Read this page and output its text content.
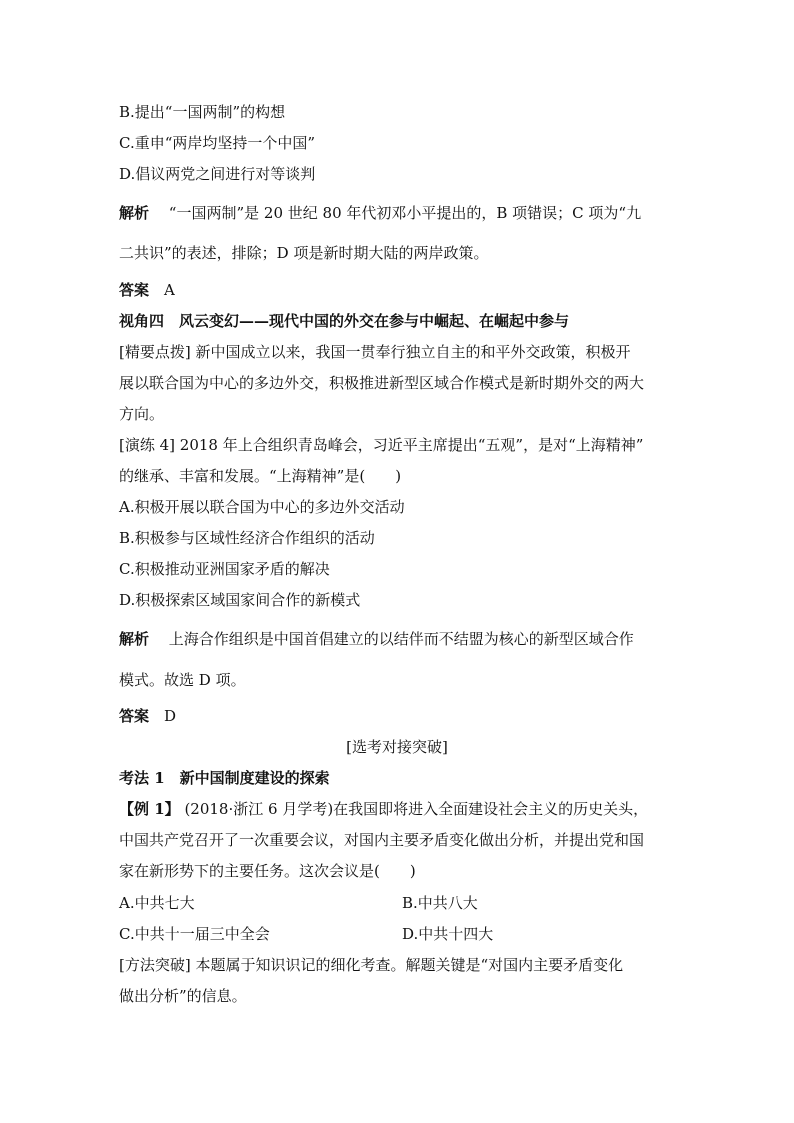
B.提出“一国两制”的构想
C.重申“两岸均坚持一个中国”
D.倡议两党之间进行对等谈判
解析　 “一国两制”是 20 世纪 80 年代初邓小平提出的，B 项错误；C 项为“九
二共识”的表述，排除；D 项是新时期大陆的两岸政策。
答案　 A
视角四　风云变幻——现代中国的外交在参与中崛起、在崛起中参与
[精要点拨] 新中国成立以来，我国一贯奉行独立自主的和平外交政策，积极开
展以联合国为中心的多边外交，积极推进新型区域合作模式是新时期外交的两大
方向。
[演练 4] 2018 年上合组织青岛峰会，习近平主席提出“五观”，是对“上海精神”
的继承、丰富和发展。“上海精神”是(　　)
A.积极开展以联合国为中心的多边外交活动
B.积极参与区域性经济合作组织的活动
C.积极推动亚洲国家矛盾的解决
D.积极探索区域国家间合作的新模式
解析　 上海合作组织是中国首倡建立的以结伴而不结盟为核心的新型区域合作
模式。故选 D 项。
答案　 D
[选考对接突破]
考法 1　新中国制度建设的探索
【例 1】 (2018·浙江 6 月学考)在我国即将进入全面建设社会主义的历史关头，
中国共产党召开了一次重要会议，对国内主要矛盾变化做出分析，并提出党和国
家在新形势下的主要任务。这次会议是(　　)
A.中共七大	B.中共八大
C.中共十一届三中全会	D.中共十四大
[方法突破] 本题属于知识识记的细化考查。解题关键是“对国内主要矛盾变化
做出分析”的信息。
